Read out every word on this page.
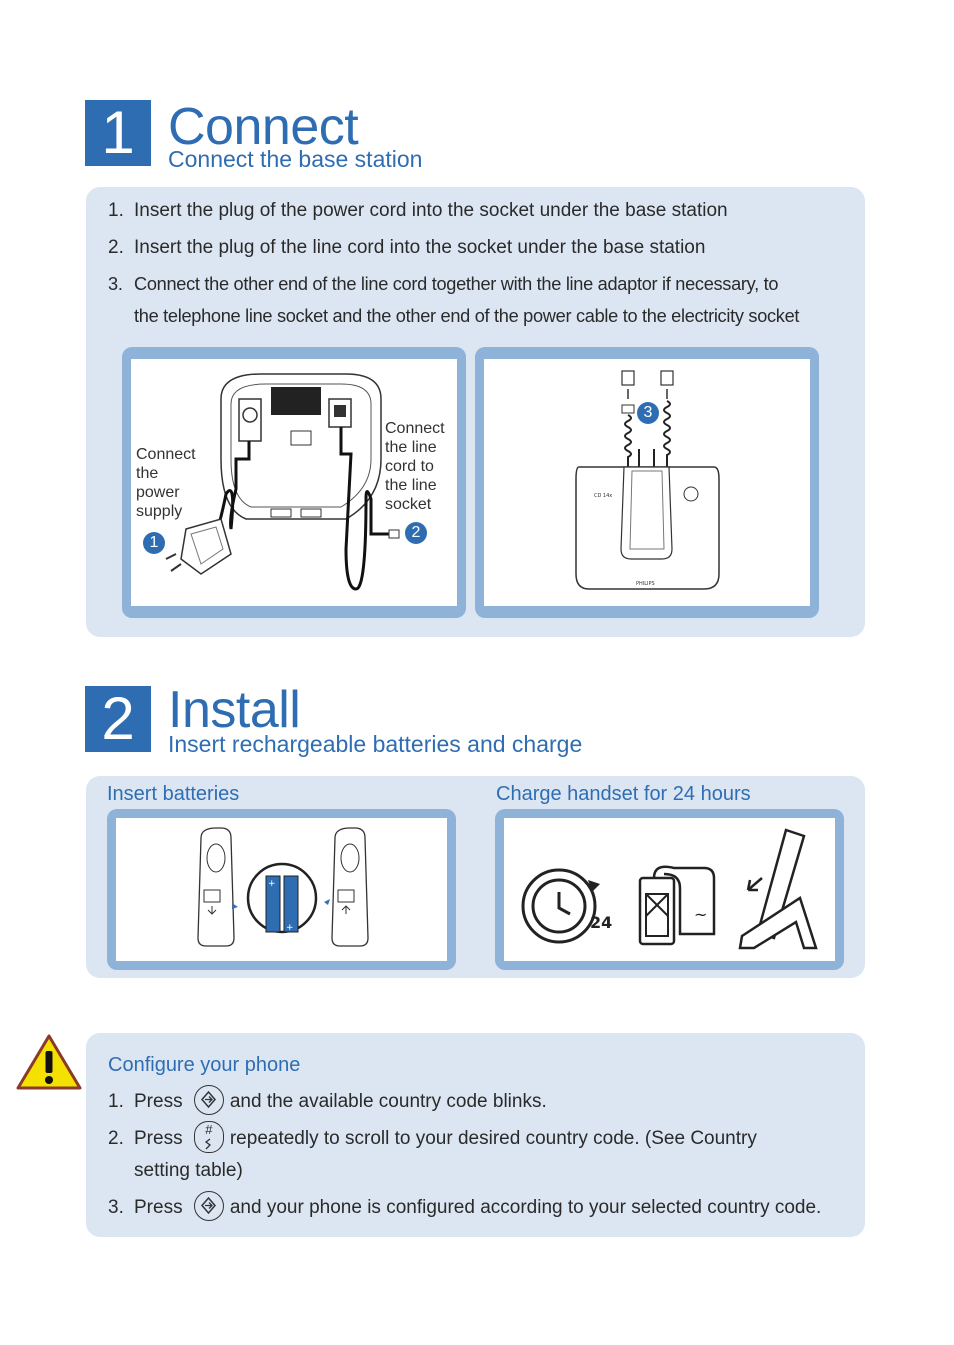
1 Connect
Connect the base station
1. Insert the plug of the power cord into the socket under the base station
2. Insert the plug of the line cord into the socket under the base station
3. Connect the other end of the line cord together with the line adaptor if necessary, to
the telephone line socket and the other end of the power cable to the electricity socket
Connect
the
power
supply
Connect
the line
cord to
the line
socket
1
2
CD 14x
PHILIPS
3
2 Install
Insert rechargeable batteries and charge
Insert batteries	Charge handset for 24 hours
+
+	24	~
Configure your phone
1. Press and the available country code blinks.
2. Press	# repeatedly to scroll to your desired country code. (See Country
setting table)
3. Press and your phone is configured according to your selected country code.
